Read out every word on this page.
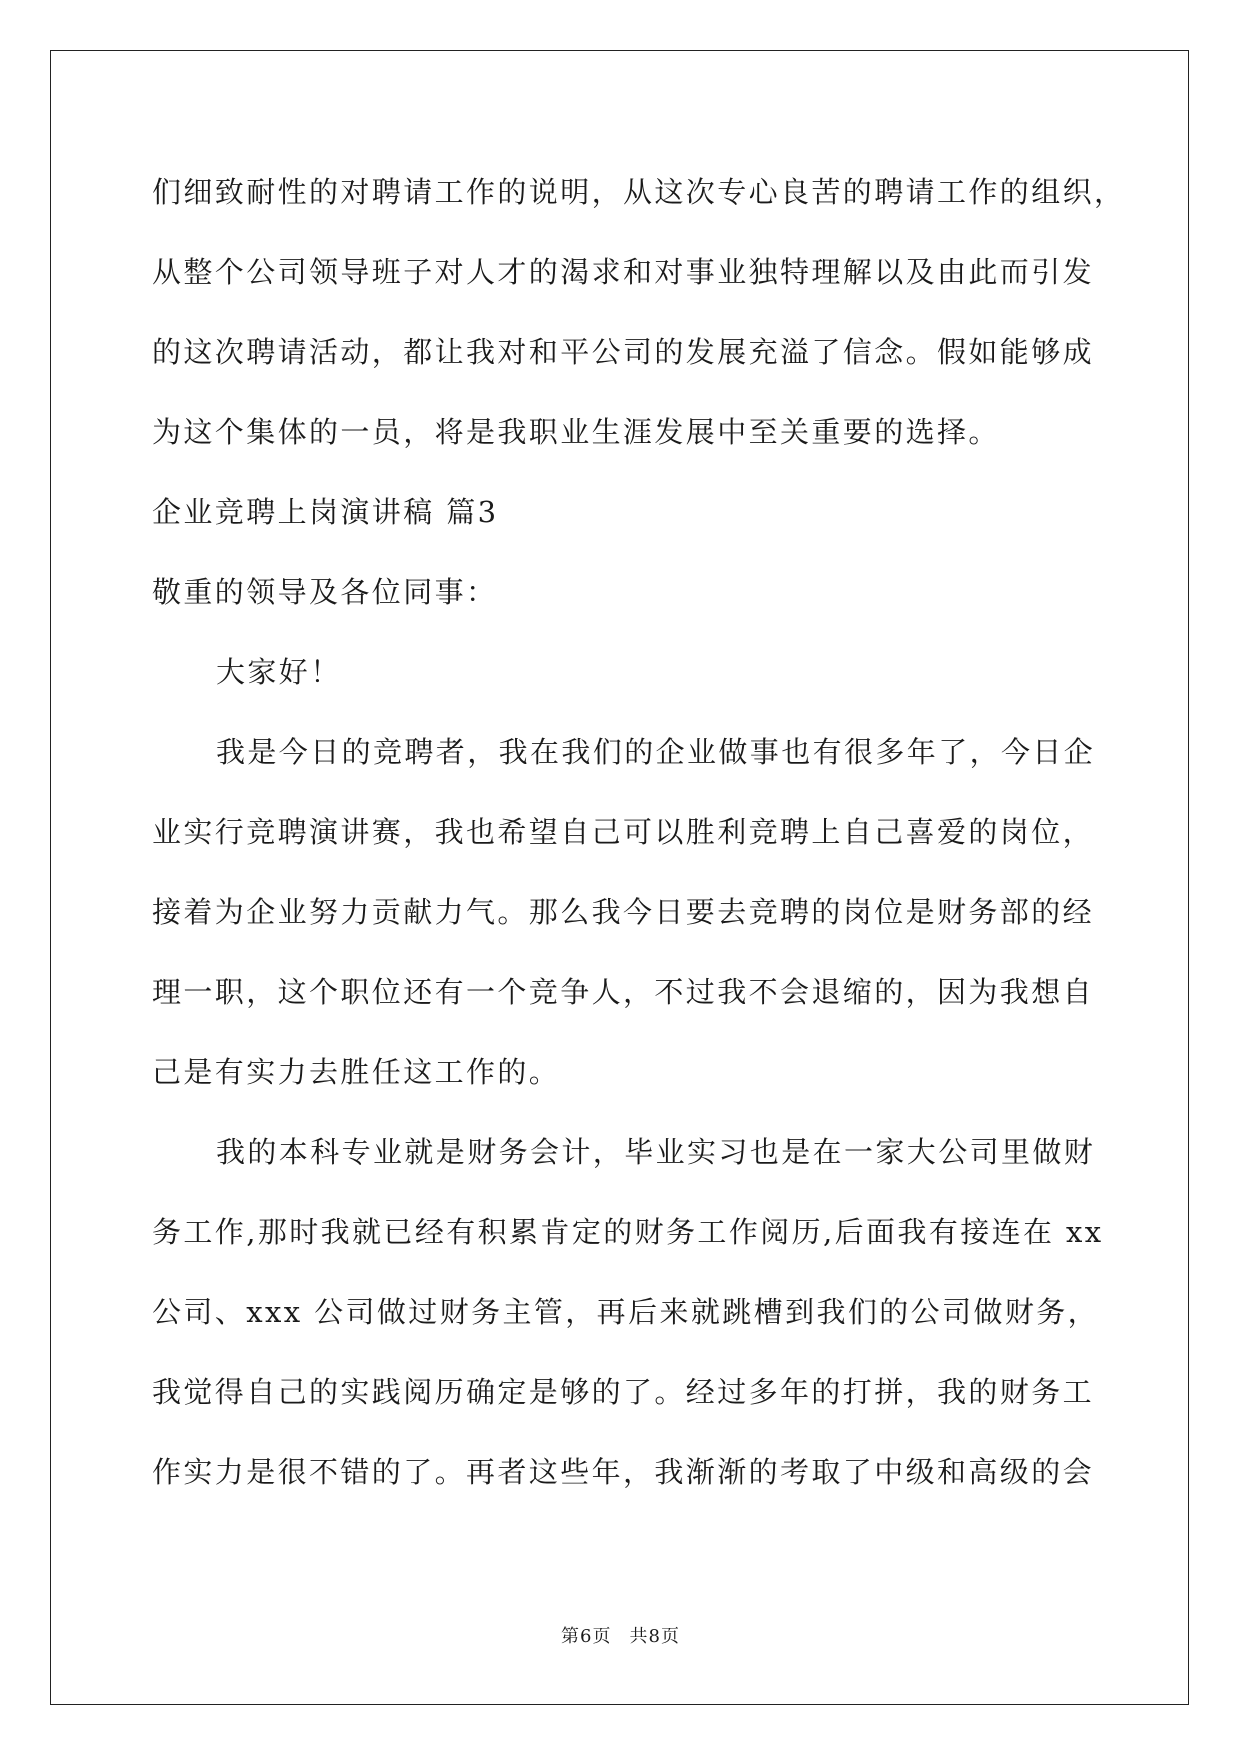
们细致耐性的对聘请工作的说明，从这次专心良苦的聘请工作的组织，
从整个公司领导班子对人才的渴求和对事业独特理解以及由此而引发
的这次聘请活动，都让我对和平公司的发展充溢了信念。假如能够成
为这个集体的一员，将是我职业生涯发展中至关重要的选择。
企业竞聘上岗演讲稿 篇3
敬重的领导及各位同事：
大家好！
我是今日的竞聘者，我在我们的企业做事也有很多年了，今日企
业实行竞聘演讲赛，我也希望自己可以胜利竞聘上自己喜爱的岗位，
接着为企业努力贡献力气。那么我今日要去竞聘的岗位是财务部的经
理一职，这个职位还有一个竞争人，不过我不会退缩的，因为我想自
己是有实力去胜任这工作的。
我的本科专业就是财务会计，毕业实习也是在一家大公司里做财
务工作,那时我就已经有积累肯定的财务工作阅历,后面我有接连在 xx
公司、xxx 公司做过财务主管，再后来就跳槽到我们的公司做财务，
我觉得自己的实践阅历确定是够的了。经过多年的打拼，我的财务工
作实力是很不错的了。再者这些年，我渐渐的考取了中级和高级的会
第6页 共8页
